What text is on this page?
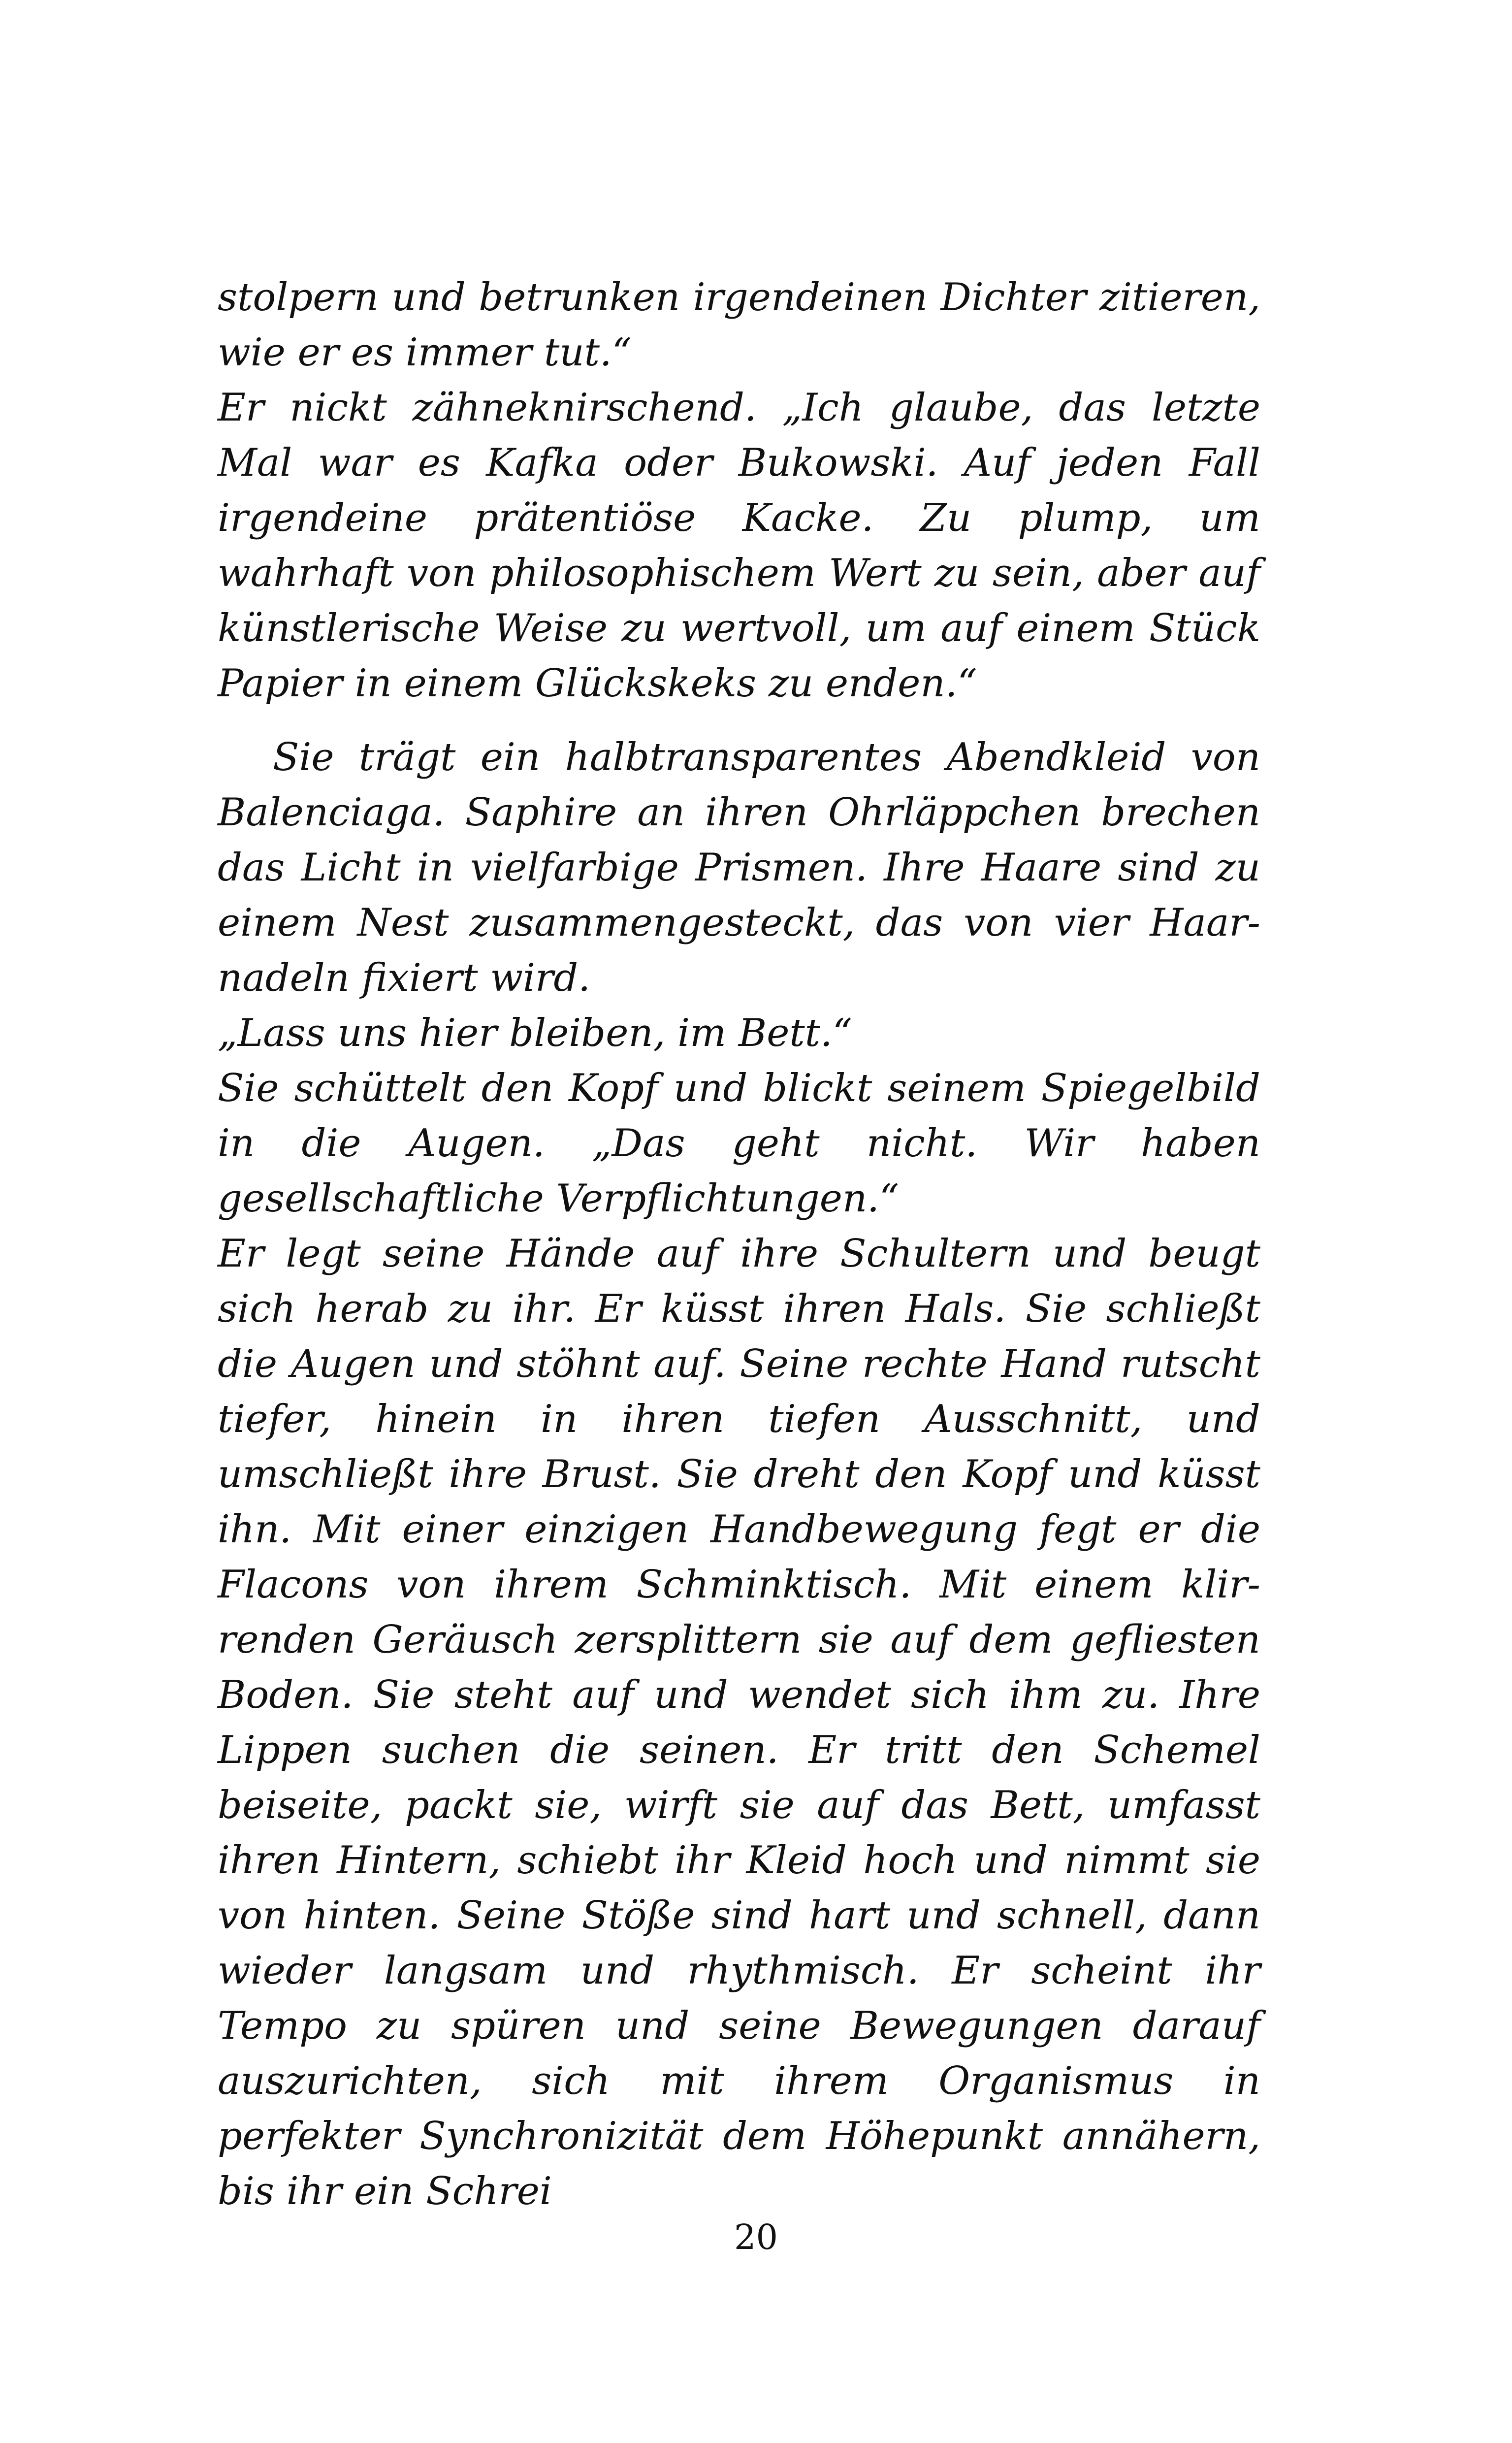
stolpern und betrunken irgendeinen Dichter zitieren, wie er es immer tut.“

Er nickt zähneknirschend. „Ich glaube, das letzte Mal war es Kafka oder Bukowski. Auf jeden Fall irgendeine prätentiöse Kacke. Zu plump, um wahrhaft von philosophischem Wert zu sein, aber auf künstlerische Weise zu wertvoll, um auf einem Stück Papier in einem Glückskeks zu enden.“

Sie trägt ein halbtransparentes Abendkleid von Balenciaga. Saphire an ihren Ohrläppchen brechen das Licht in vielfarbige Prismen. Ihre Haare sind zu einem Nest zusammengesteckt, das von vier Haarnadeln fixiert wird.

„Lass uns hier bleiben, im Bett.“

Sie schüttelt den Kopf und blickt seinem Spiegelbild in die Augen. „Das geht nicht. Wir haben gesellschaftliche Verpflichtungen.“

Er legt seine Hände auf ihre Schultern und beugt sich herab zu ihr. Er küsst ihren Hals. Sie schließt die Augen und stöhnt auf. Seine rechte Hand rutscht tiefer, hinein in ihren tiefen Ausschnitt, und umschließt ihre Brust. Sie dreht den Kopf und küsst ihn. Mit einer einzigen Handbewegung fegt er die Flacons von ihrem Schminktisch. Mit einem klirrenden Geräusch zersplittern sie auf dem gefliesten Boden. Sie steht auf und wendet sich ihm zu. Ihre Lippen suchen die seinen. Er tritt den Schemel beiseite, packt sie, wirft sie auf das Bett, umfasst ihren Hintern, schiebt ihr Kleid hoch und nimmt sie von hinten. Seine Stöße sind hart und schnell, dann wieder langsam und rhythmisch. Er scheint ihr Tempo zu spüren und seine Bewegungen darauf auszurichten, sich mit ihrem Organismus in perfekter Synchronizität dem Höhepunkt annähern, bis ihr ein Schrei

20
